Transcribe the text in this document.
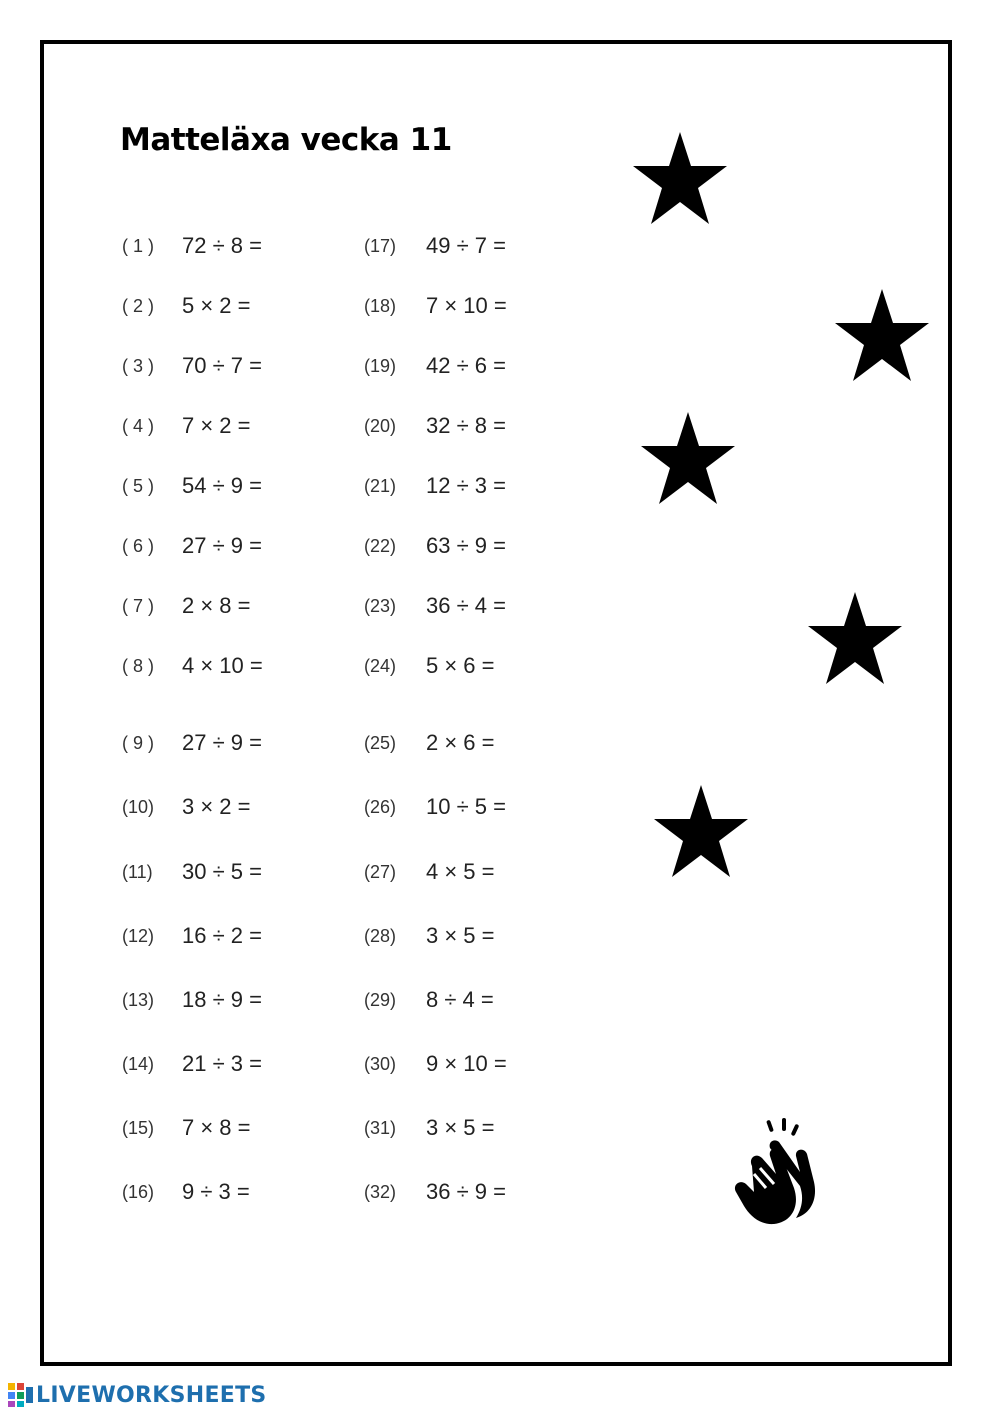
Matteläxa vecka 11
( 1 )	72 ÷ 8 =
( 2 )	5 × 2 =
( 3 )	70 ÷ 7 =
( 4 )	7 × 2 =
( 5 )	54 ÷ 9 =
( 6 )	27 ÷ 9 =
( 7 )	2 × 8 =
( 8 )	4 × 10 =
( 9 )	27 ÷ 9 =
(10)	3 × 2 =
(11)	30 ÷ 5 =
(12)	16 ÷ 2 =
(13)	18 ÷ 9 =
(14)	21 ÷ 3 =
(15)	7 × 8 =
(16)	9 ÷ 3 =
(17)	49 ÷ 7 =
(18)	7 × 10 =
(19)	42 ÷ 6 =
(20)	32 ÷ 8 =
(21)	12 ÷ 3 =
(22)	63 ÷ 9 =
(23)	36 ÷ 4 =
(24)	5 × 6 =
(25)	2 × 6 =
(26)	10 ÷ 5 =
(27)	4 × 5 =
(28)	3 × 5 =
(29)	8 ÷ 4 =
(30)	9 × 10 =
(31)	3 × 5 =
(32)	36 ÷ 9 =
LIVEWORKSHEETS
